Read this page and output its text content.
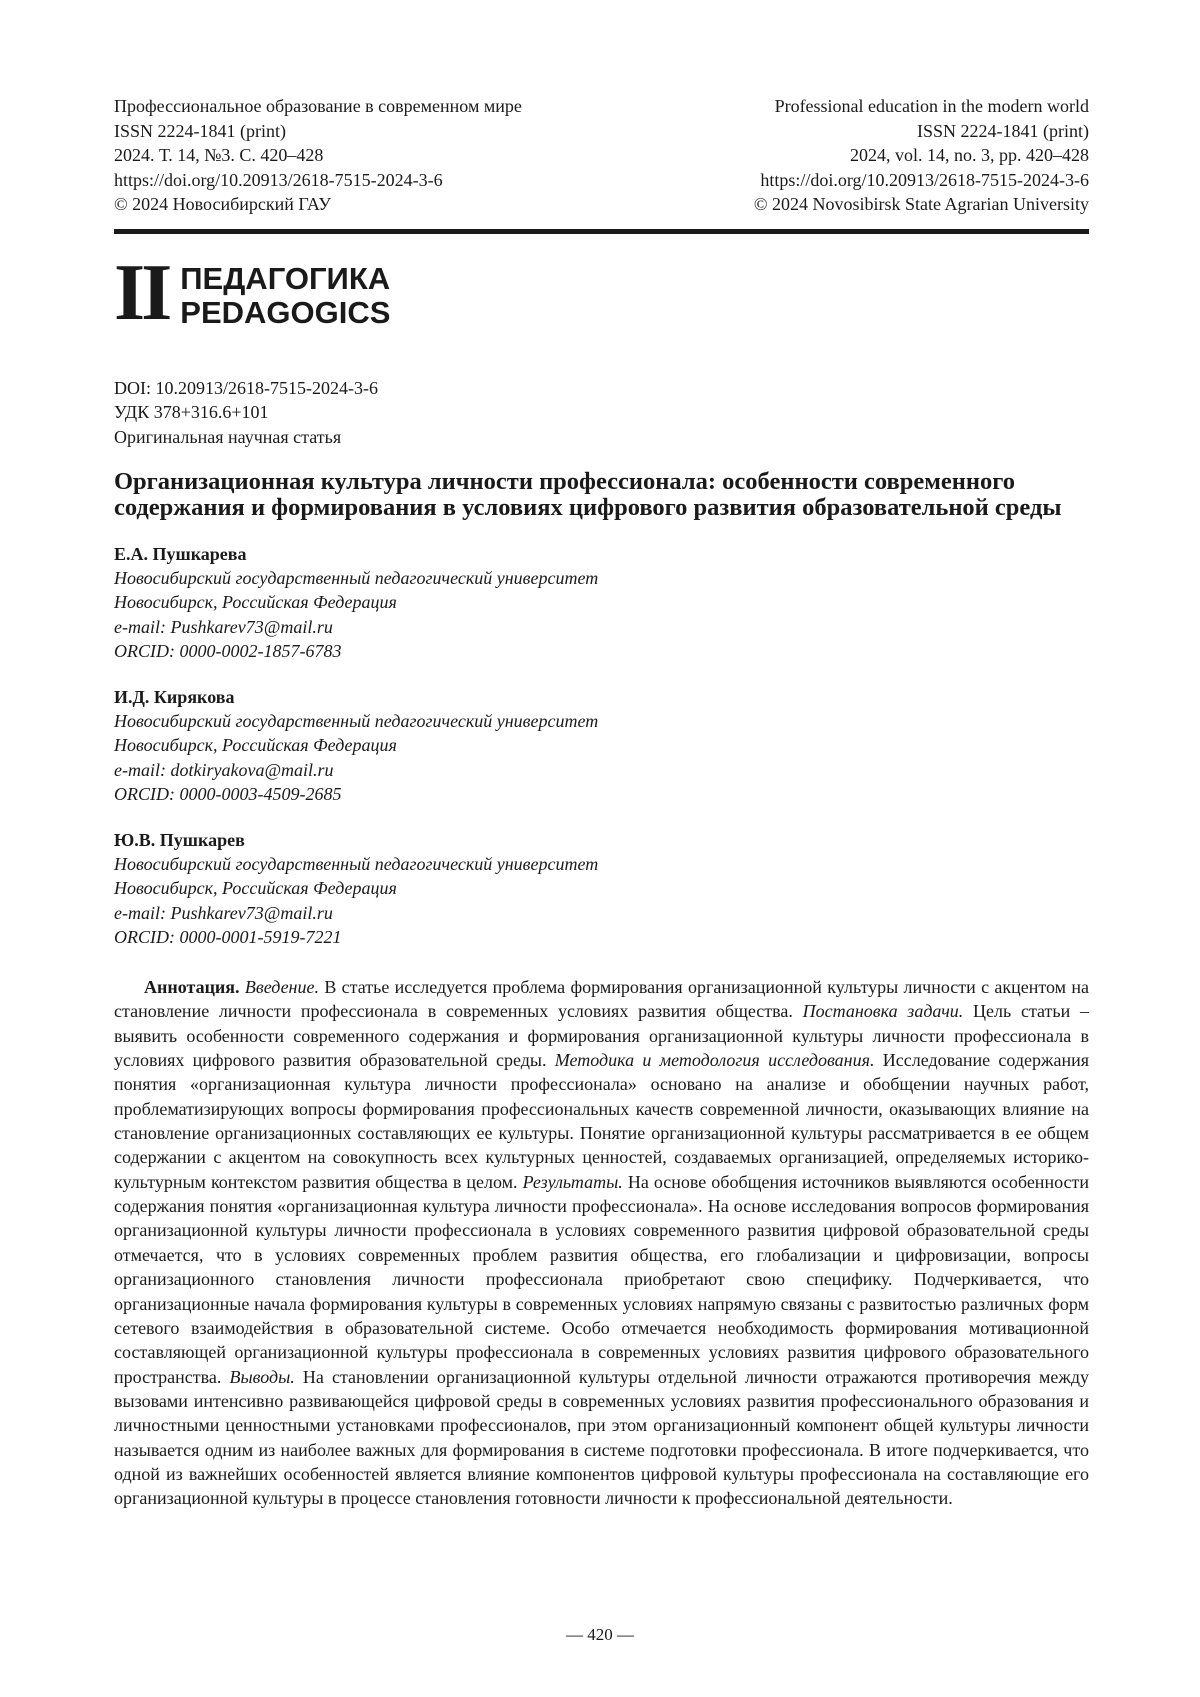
Профессиональное образование в современном мире
ISSN 2224-1841 (print)
2024. Т. 14, №3. С. 420–428
https://doi.org/10.20913/2618-7515-2024-3-6
© 2024 Новосибирский ГАУ
Professional education in the modern world
ISSN 2224-1841 (print)
2024, vol. 14, no. 3, pp. 420–428
https://doi.org/10.20913/2618-7515-2024-3-6
© 2024 Novosibirsk State Agrarian University
II ПЕДАГОГИКА
PEDAGOGICS
DOI: 10.20913/2618-7515-2024-3-6
УДК 378+316.6+101
Оригинальная научная статья
Организационная культура личности профессионала: особенности современного содержания и формирования в условиях цифрового развития образовательной среды
Е.А. Пушкарева
Новосибирский государственный педагогический университет
Новосибирск, Российская Федерация
e-mail: Pushkarev73@mail.ru
ORCID: 0000-0002-1857-6783
И.Д. Кирякова
Новосибирский государственный педагогический университет
Новосибирск, Российская Федерация
e-mail: dotkiryakova@mail.ru
ORCID: 0000-0003-4509-2685
Ю.В. Пушкарев
Новосибирский государственный педагогический университет
Новосибирск, Российская Федерация
e-mail: Pushkarev73@mail.ru
ORCID: 0000-0001-5919-7221

Аннотация. Введение. В статье исследуется проблема формирования организационной культуры личности с акцентом на становление личности профессионала в современных условиях развития общества. Постановка задачи. Цель статьи – выявить особенности современного содержания и формирования организационной культуры личности профессионала в условиях цифрового развития образовательной среды. Методика и методология исследования. Исследование содержания понятия «организационная культура личности профессионала» основано на анализе и обобщении научных работ, проблематизирующих вопросы формирования профессиональных качеств современной личности, оказывающих влияние на становление организационных составляющих ее культуры. Понятие организационной культуры рассматривается в ее общем содержании с акцентом на совокупность всех культурных ценностей, создаваемых организацией, определяемых историко-культурным контекстом развития общества в целом. Результаты. На основе обобщения источников выявляются особенности содержания понятия «организационная культура личности профессионала». На основе исследования вопросов формирования организационной культуры личности профессионала в условиях современного развития цифровой образовательной среды отмечается, что в условиях современных проблем развития общества, его глобализации и цифровизации, вопросы организационного становления личности профессионала приобретают свою специфику. Подчеркивается, что организационные начала формирования культуры в современных условиях напрямую связаны с развитостью различных форм сетевого взаимодействия в образовательной системе. Особо отмечается необходимость формирования мотивационной составляющей организационной культуры профессионала в современных условиях развития цифрового образовательного пространства. Выводы. На становлении организационной культуры отдельной личности отражаются противоречия между вызовами интенсивно развивающейся цифровой среды в современных условиях развития профессионального образования и личностными ценностными установками профессионалов, при этом организационный компонент общей культуры личности называется одним из наиболее важных для формирования в системе подготовки профессионала. В итоге подчеркивается, что одной из важнейших особенностей является влияние компонентов цифровой культуры профессионала на составляющие его организационной культуры в процессе становления готовности личности к профессиональной деятельности.

— 420 —
